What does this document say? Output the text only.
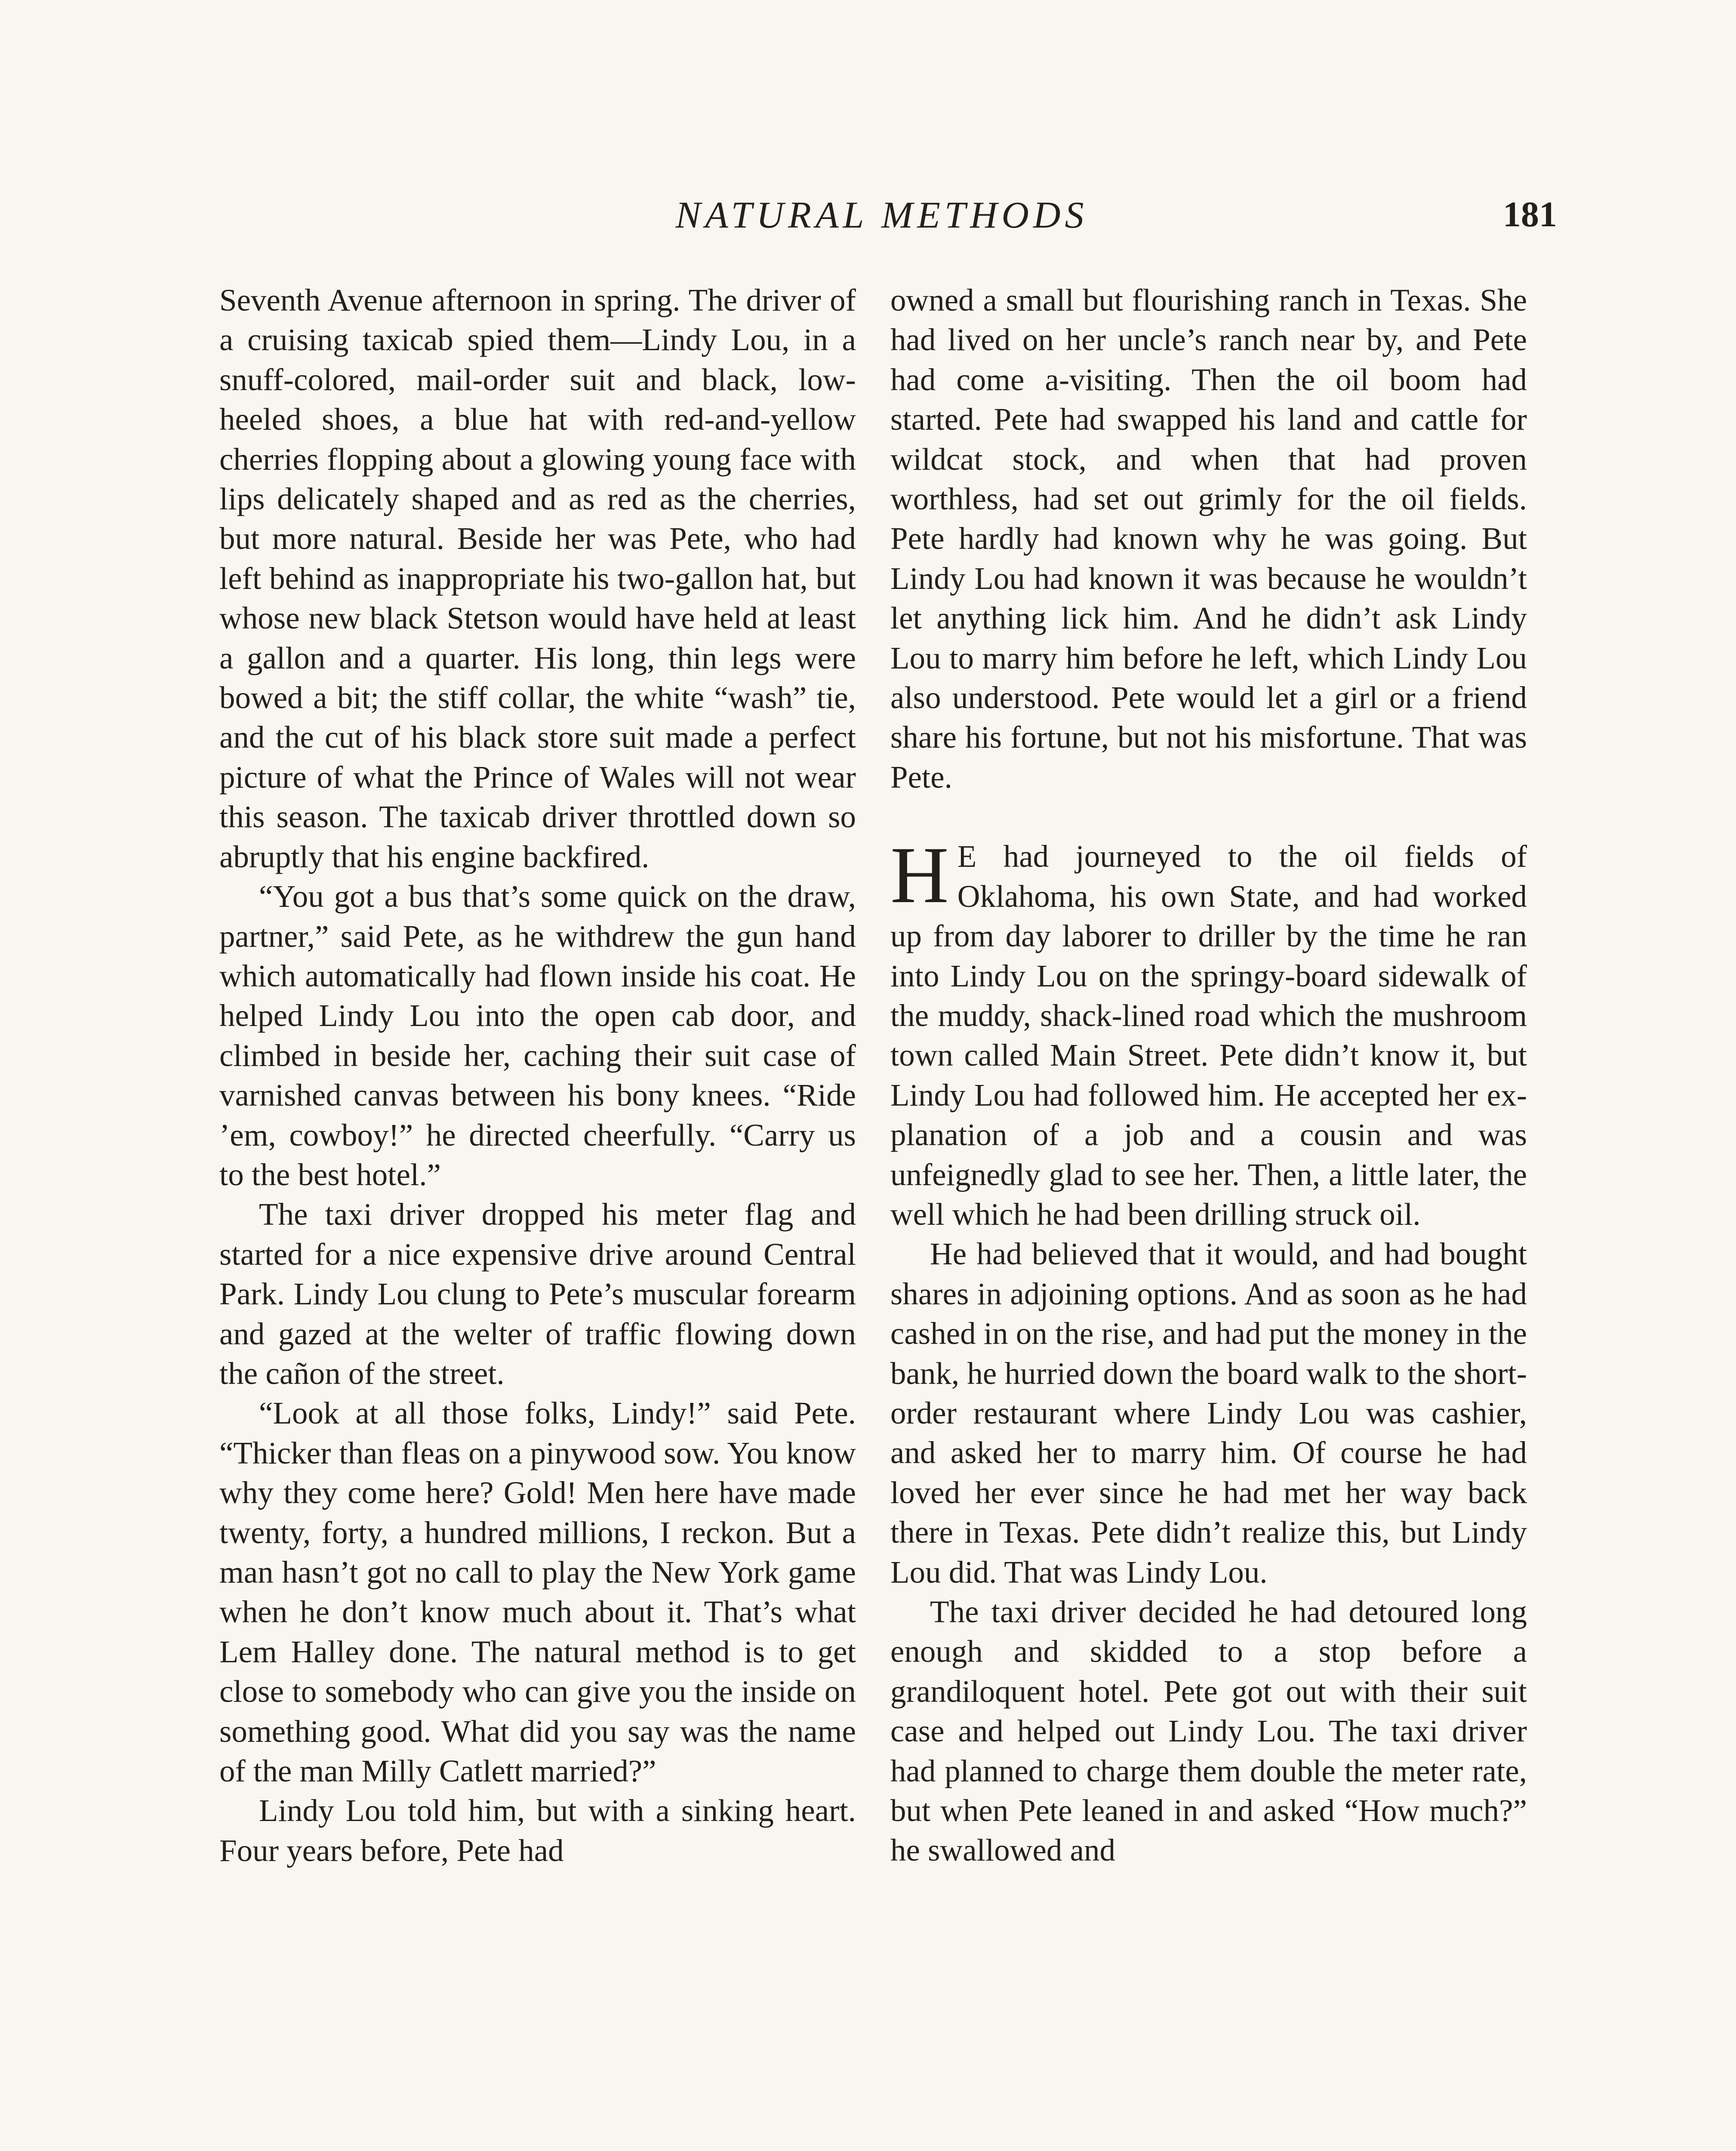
NATURAL METHODS	181

Seventh Avenue afternoon in spring. The driver of a cruising taxicab spied them—Lindy Lou, in a snuff-colored, mail-order suit and black, low-heeled shoes, a blue hat with red-and-yellow cherries flopping about a glowing young face with lips delicately shaped and as red as the cherries, but more natural. Beside her was Pete, who had left behind as inappropriate his two-gallon hat, but whose new black Stetson would have held at least a gallon and a quarter. His long, thin legs were bowed a bit; the stiff collar, the white “wash” tie, and the cut of his black store suit made a perfect picture of what the Prince of Wales will not wear this season. The taxicab driver throttled down so abruptly that his engine backfired.

“You got a bus that’s some quick on the draw, partner,” said Pete, as he withdrew the gun hand which automatically had flown inside his coat. He helped Lindy Lou into the open cab door, and climbed in beside her, caching their suit case of varnished canvas between his bony knees. “Ride ’em, cowboy!” he directed cheerfully. “Carry us to the best hotel.”

The taxi driver dropped his meter flag and started for a nice expensive drive around Central Park. Lindy Lou clung to Pete’s muscular forearm and gazed at the welter of traffic flowing down the cañon of the street.

“Look at all those folks, Lindy!” said Pete. “Thicker than fleas on a pinywood sow. You know why they come here? Gold! Men here have made twenty, forty, a hundred millions, I reckon. But a man hasn’t got no call to play the New York game when he don’t know much about it. That’s what Lem Halley done. The natural method is to get close to somebody who can give you the inside on something good. What did you say was the name of the man Milly Catlett married?”

Lindy Lou told him, but with a sinking heart. Four years before, Pete had

owned a small but flourishing ranch in Texas. She had lived on her uncle’s ranch near by, and Pete had come a-visiting. Then the oil boom had started. Pete had swapped his land and cattle for wildcat stock, and when that had proven worthless, had set out grimly for the oil fields. Pete hardly had known why he was going. But Lindy Lou had known it was because he wouldn’t let anything lick him. And he didn’t ask Lindy Lou to marry him before he left, which Lindy Lou also understood. Pete would let a girl or a friend share his fortune, but not his misfortune. That was Pete.

H E had journeyed to the oil fields of Oklahoma, his own State, and had worked up from day laborer to driller by the time he ran into Lindy Lou on the springy-board sidewalk of the muddy, shack-lined road which the mushroom town called Main Street. Pete didn’t know it, but Lindy Lou had followed him. He accepted her explanation of a job and a cousin and was unfeignedly glad to see her. Then, a little later, the well which he had been drilling struck oil.

He had believed that it would, and had bought shares in adjoining options. And as soon as he had cashed in on the rise, and had put the money in the bank, he hurried down the board walk to the short-order restaurant where Lindy Lou was cashier, and asked her to marry him. Of course he had loved her ever since he had met her way back there in Texas. Pete didn’t realize this, but Lindy Lou did. That was Lindy Lou.

The taxi driver decided he had detoured long enough and skidded to a stop before a grandiloquent hotel. Pete got out with their suit case and helped out Lindy Lou. The taxi driver had planned to charge them double the meter rate, but when Pete leaned in and asked “How much?” he swallowed and
